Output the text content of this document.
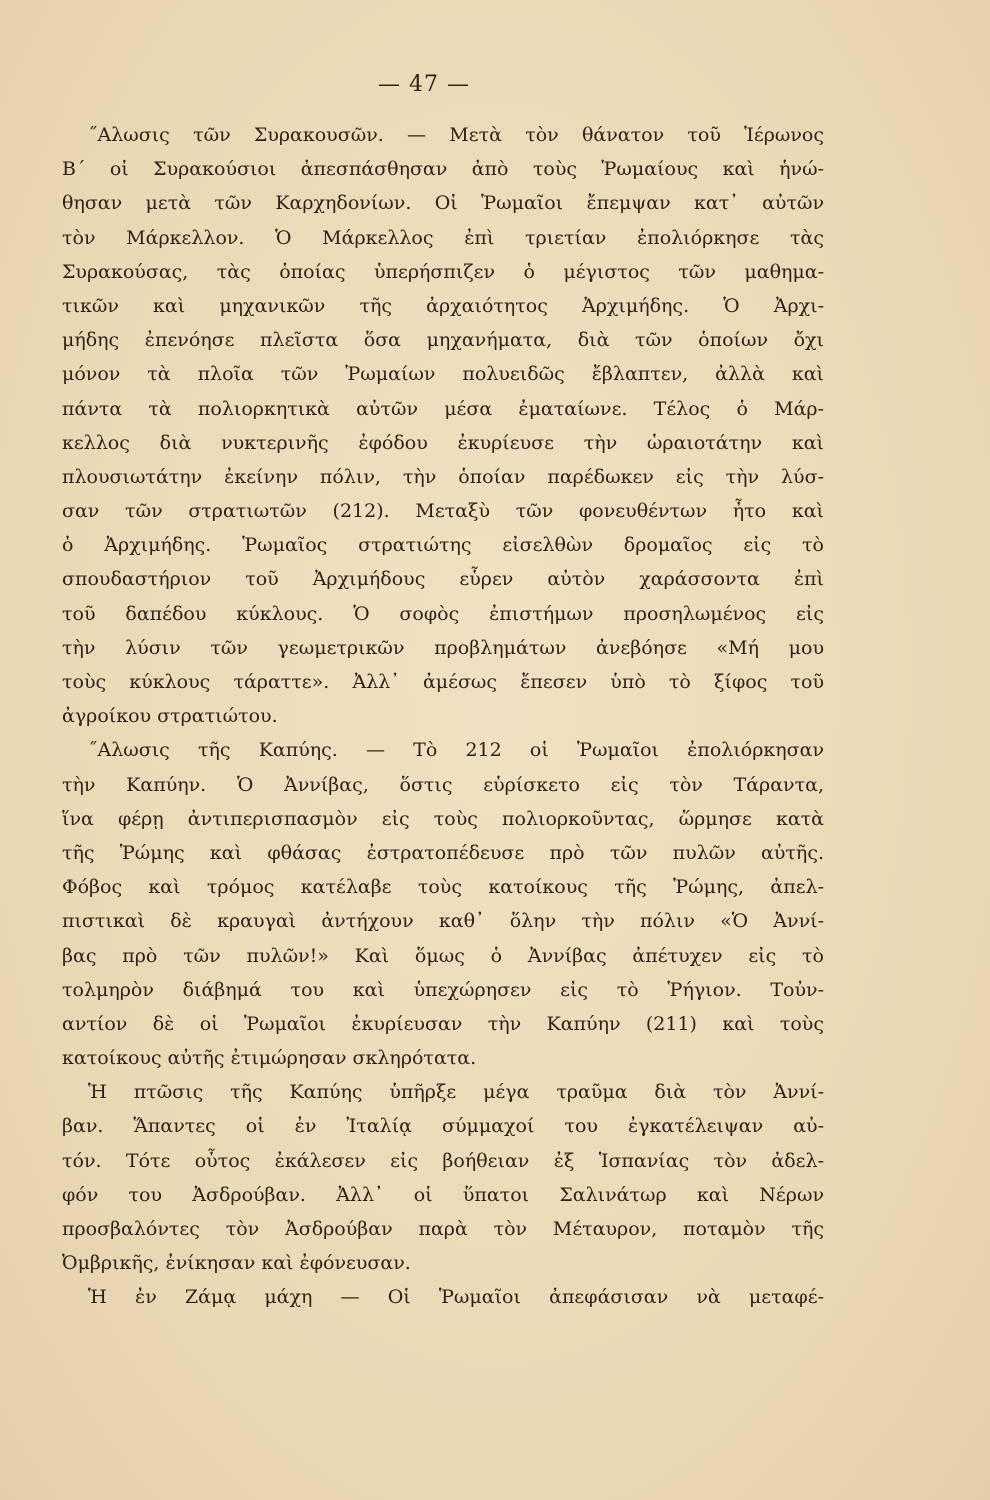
— 47 —
˝Αλωσις τῶν Συρακουσῶν. — Μετὰ τὸν θάνατον τοῦ Ἱέρωνος
Β΄ οἱ Συρακούσιοι ἀπεσπάσθησαν ἀπὸ τοὺς Ῥωμαίους καὶ ἡνώ-
θησαν μετὰ τῶν Καρχηδονίων. Οἱ Ῥωμαῖοι ἔπεμψαν κατ᾽ αὐτῶν
τὸν Μάρκελλον. Ὁ Μάρκελλος ἐπὶ τριετίαν ἐπολιόρκησε τὰς
Συρακούσας, τὰς ὁποίας ὑπερήσπιζεν ὁ μέγιστος τῶν μαθημα-
τικῶν καὶ μηχανικῶν τῆς ἀρχαιότητος Ἀρχιμήδης. Ὁ Ἀρχι-
μήδης ἐπενόησε πλεῖστα ὅσα μηχανήματα, διὰ τῶν ὁποίων ὄχι
μόνον τὰ πλοῖα τῶν Ῥωμαίων πολυειδῶς ἔβλαπτεν, ἀλλὰ καὶ
πάντα τὰ πολιορκητικὰ αὐτῶν μέσα ἐματαίωνε. Τέλος ὁ Μάρ-
κελλος διὰ νυκτερινῆς ἐφόδου ἐκυρίευσε τὴν ὡραιοτάτην καὶ
πλουσιωτάτην ἐκείνην πόλιν, τὴν ὁποίαν παρέδωκεν εἰς τὴν λύσ-
σαν τῶν στρατιωτῶν (212). Μεταξὺ τῶν φονευθέντων ἦτο καὶ
ὁ Ἀρχιμήδης. Ῥωμαῖος στρατιώτης εἰσελθὼν δρομαῖος εἰς τὸ
σπουδαστήριον τοῦ Ἀρχιμήδους εὗρεν αὐτὸν χαράσσοντα ἐπὶ
τοῦ δαπέδου κύκλους. Ὁ σοφὸς ἐπιστήμων προσηλωμένος εἰς
τὴν λύσιν τῶν γεωμετρικῶν προβλημάτων ἀνεβόησε «Μή μου
τοὺς κύκλους τάραττε». Ἀλλ᾽ ἀμέσως ἔπεσεν ὑπὸ τὸ ξίφος τοῦ
ἀγροίκου στρατιώτου.
˝Αλωσις τῆς Καπύης. — Τὸ 212 οἱ Ῥωμαῖοι ἐπολιόρκησαν
τὴν Καπύην. Ὁ Ἀννίβας, ὅστις εὑρίσκετο εἰς τὸν Τάραντα,
ἵνα φέρῃ ἀντιπερισπασμὸν εἰς τοὺς πολιορκοῦντας, ὥρμησε κατὰ
τῆς Ῥώμης καὶ φθάσας ἐστρατοπέδευσε πρὸ τῶν πυλῶν αὐτῆς.
Φόβος καὶ τρόμος κατέλαβε τοὺς κατοίκους τῆς Ῥώμης, ἀπελ-
πιστικαὶ δὲ κραυγαὶ ἀντήχουν καθ᾽ ὅλην τὴν πόλιν «Ὁ Ἀννί-
βας πρὸ τῶν πυλῶν!» Καὶ ὅμως ὁ Ἀννίβας ἀπέτυχεν εἰς τὸ
τολμηρὸν διάβημά του καὶ ὑπεχώρησεν εἰς τὸ Ῥήγιον. Τοὐν-
αντίον δὲ οἱ Ῥωμαῖοι ἐκυρίευσαν τὴν Καπύην (211) καὶ τοὺς
κατοίκους αὐτῆς ἐτιμώρησαν σκληρότατα.
Ἡ πτῶσις τῆς Καπύης ὑπῆρξε μέγα τραῦμα διὰ τὸν Ἀννί-
βαν. Ἅπαντες οἱ ἐν Ἰταλίᾳ σύμμαχοί του ἐγκατέλειψαν αὐ-
τόν. Τότε οὗτος ἐκάλεσεν εἰς βοήθειαν ἐξ Ἱσπανίας τὸν ἀδελ-
φόν του Ἀσδρούβαν. Ἀλλ᾽ οἱ ὕπατοι Σαλινάτωρ καὶ Νέρων
προσβαλόντες τὸν Ἀσδρούβαν παρὰ τὸν Μέταυρον, ποταμὸν τῆς
Ὀμβρικῆς, ἐνίκησαν καὶ ἐφόνευσαν.
Ἡ ἐν Ζάμᾳ μάχη — Οἱ Ῥωμαῖοι ἀπεφάσισαν νὰ μεταφέ-
